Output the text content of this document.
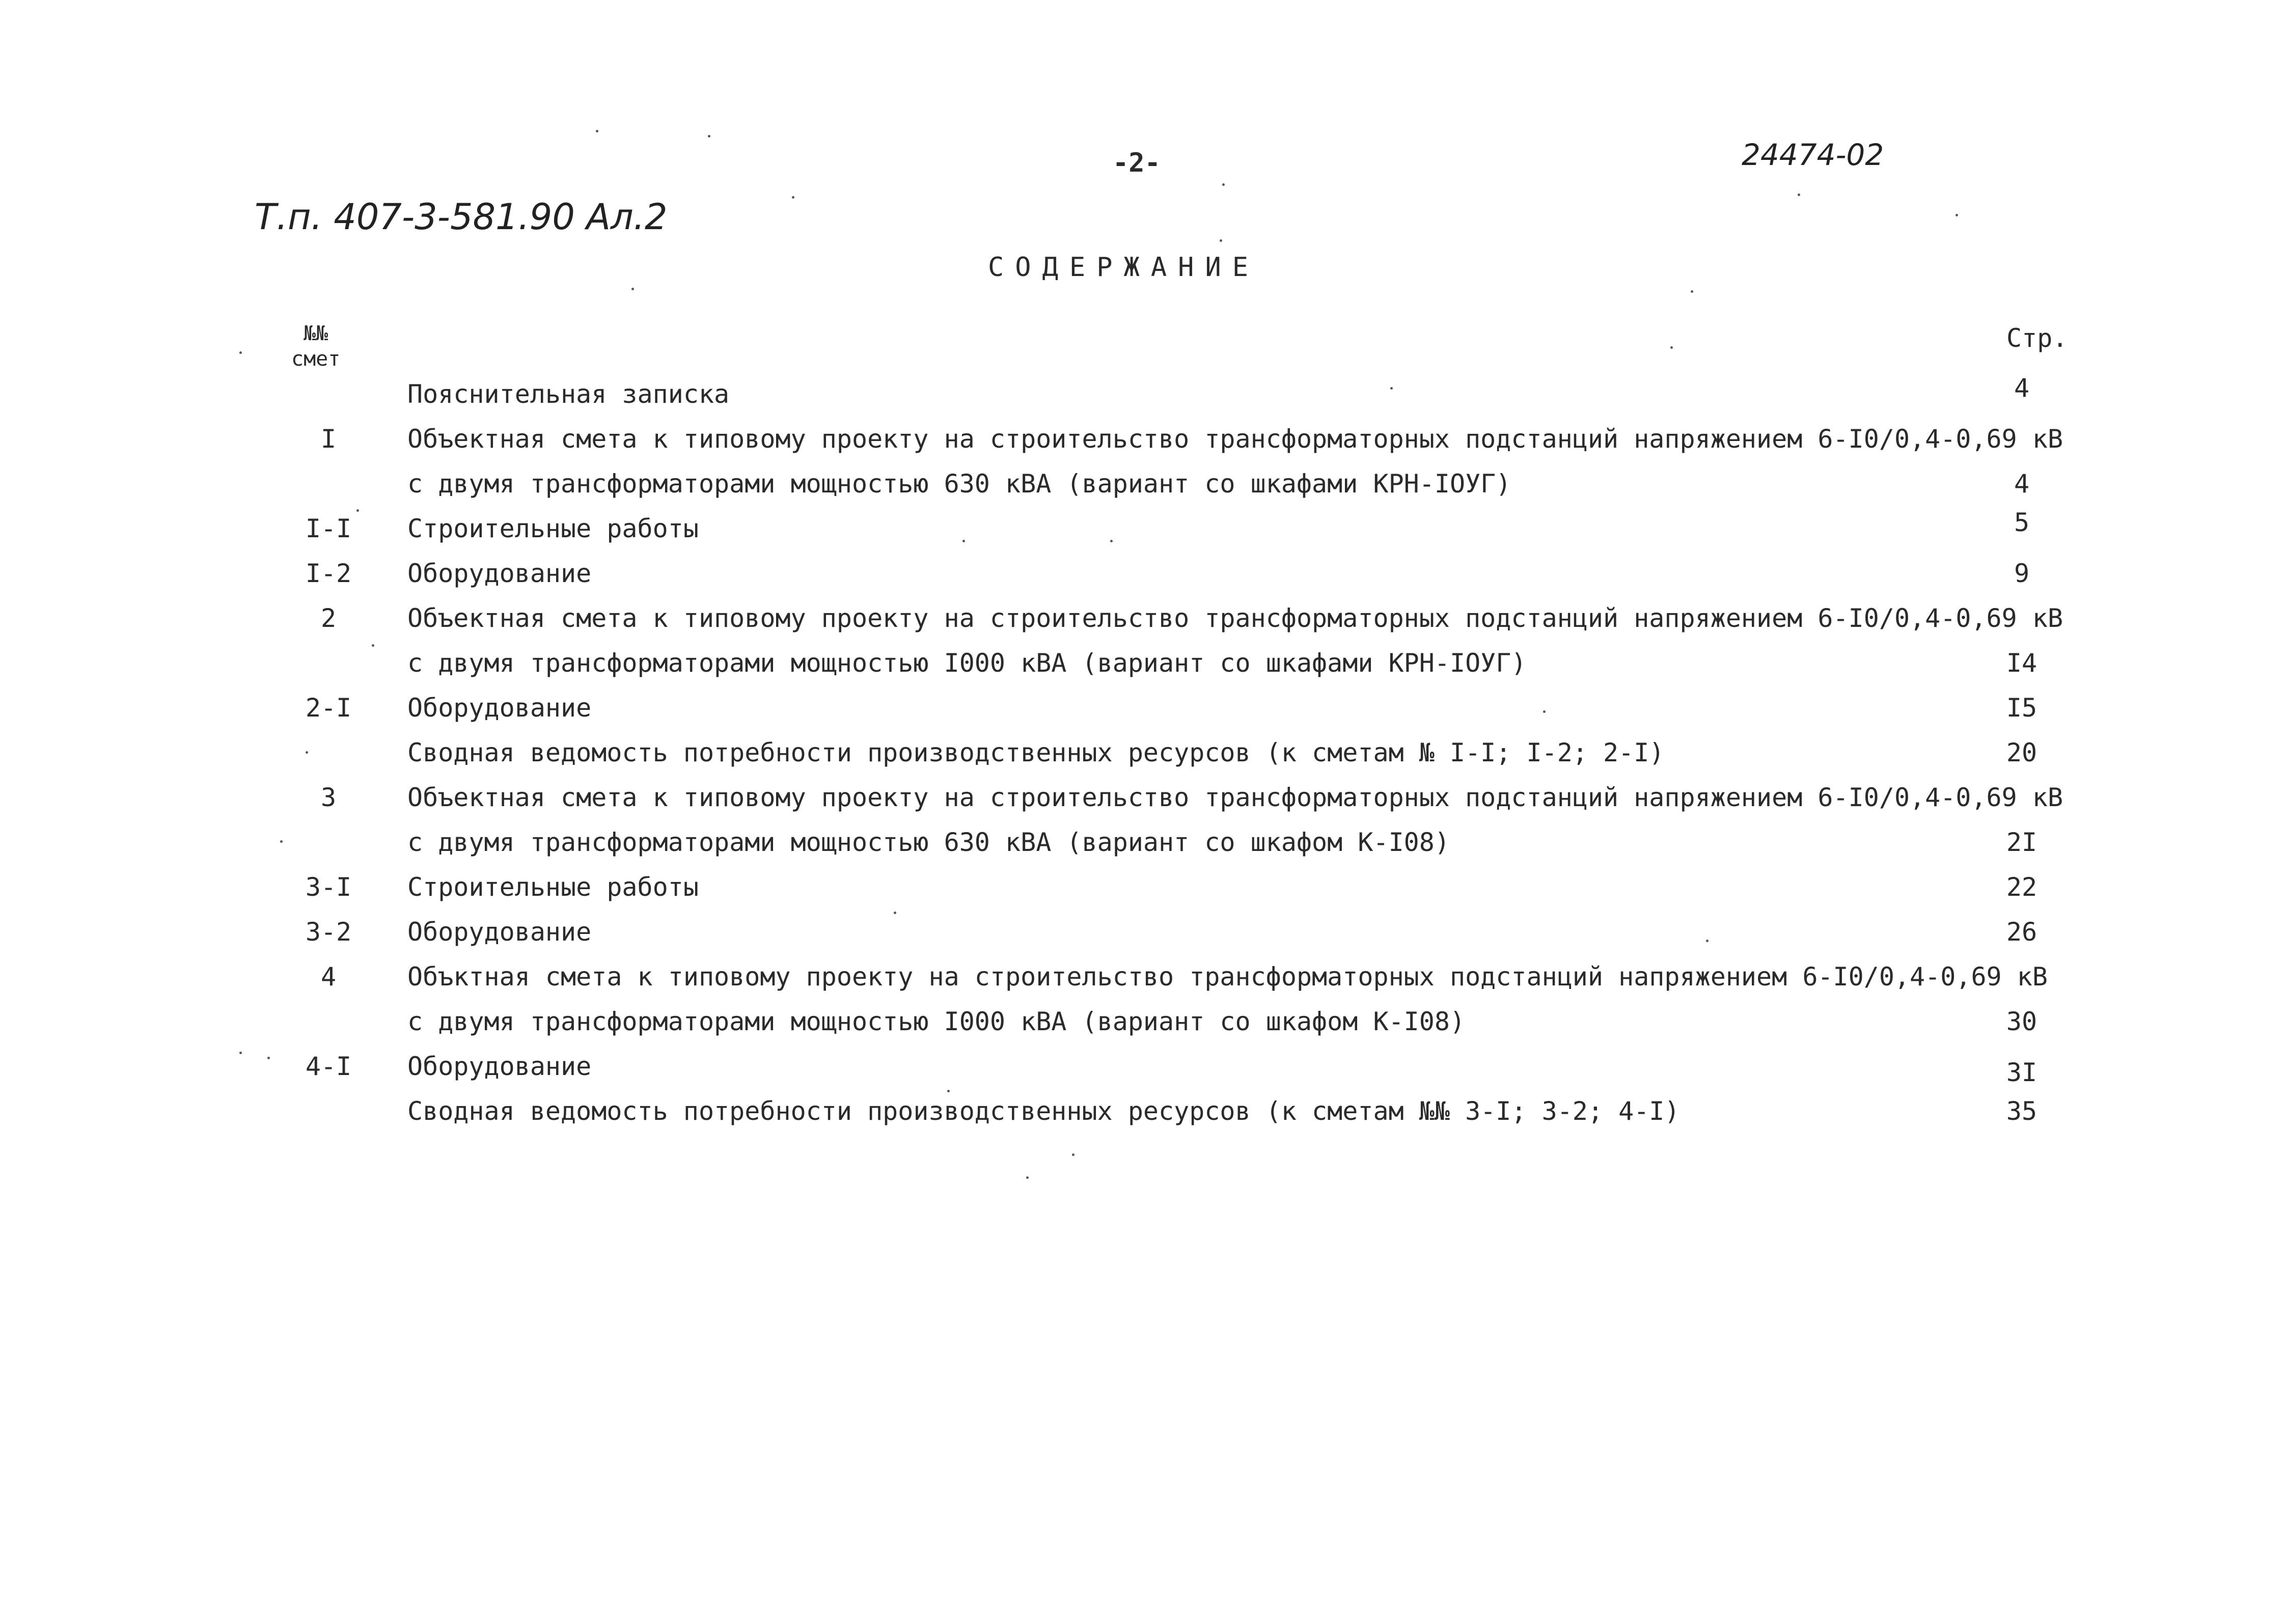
-2-	24474-02
Т.п. 407-3-581.90 Ал.2
СОДЕРЖАНИЕ
№№
смет
Стр.
Пояснительная записка	4
I	Объектная смета к типовому проекту на строительство трансформаторных подстанций напряжением 6-I0/0,4-0,69 кВ
с двумя трансформаторами мощностью 630 кВА (вариант со шкафами КРН-IOУГ)	4
I-I	Строительные работы	5
I-2	Оборудование	9
2	Объектная смета к типовому проекту на строительство трансформаторных подстанций напряжением 6-I0/0,4-0,69 кВ
с двумя трансформаторами мощностью I000 кВА (вариант со шкафами КРН-IOУГ)	I4
2-I	Оборудование	I5
Сводная ведомость потребности производственных ресурсов (к сметам № I-I; I-2; 2-I)	20
3	Объектная смета к типовому проекту на строительство трансформаторных подстанций напряжением 6-I0/0,4-0,69 кВ
с двумя трансформаторами мощностью 630 кВА (вариант со шкафом К-I08)	2I
3-I	Строительные работы	22
3-2	Оборудование	26
4	Объктная смета к типовому проекту на строительство трансформаторных подстанций напряжением 6-I0/0,4-0,69 кВ
с двумя трансформаторами мощностью I000 кВА (вариант со шкафом К-I08)	30
4-I	Оборудование	3I
Сводная ведомость потребности производственных ресурсов (к сметам №№ 3-I; 3-2; 4-I)	35
